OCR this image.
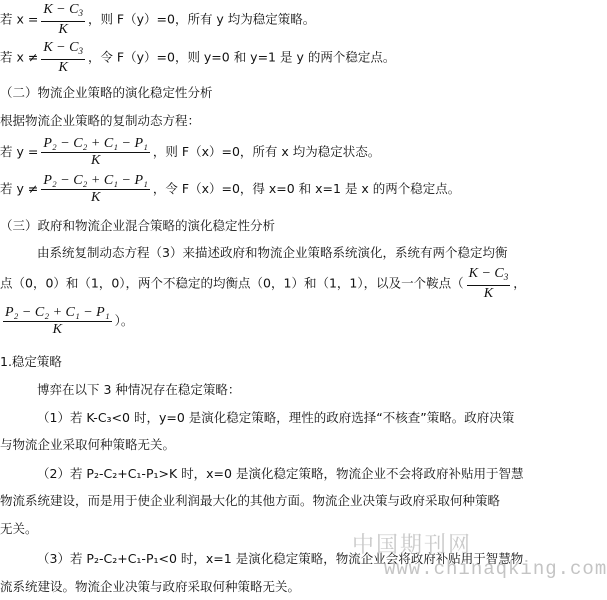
若 $x = \frac{K - C_3}{K}$ ，则 F（y）=0，所有 y 均为稳定策略。
若 $x \ne \frac{K - C_3}{K}$ ，令 F（y）=0，则 y=0 和 y=1 是 y 的两个稳定点。
（二）物流企业策略的演化稳定性分析
根据物流企业策略的复制动态方程：
若 $y = \frac{\text{P₂ − C₂ + C₁ − P₁}}{K}$ ，则 F（x）=0，所有 x 均为稳定状态。
若 $y \ne \frac{\text{P₂ − C₂ + C₁ − P₁}}{K}$ ，令 F（x）=0，得 x=0 和 x=1 是 x 的两个稳定点。
（三）政府和物流企业混合策略的演化稳定性分析
由系统复制动态方程（3）来描述政府和物流企业策略系统演化，系统有两个稳定均衡
点（0，0）和（1，0），两个不稳定的均衡点（0，1）和（1，1），以及一个鞍点（ $\frac{K - C_3}{K}$ ，
$\frac{\text{P₂ − C₂ + C₁ − P₁}}{K}$ ）。
1.稳定策略
博弈在以下 3 种情况存在稳定策略：
（1）若 K-C₃<0 时，y=0 是演化稳定策略，理性的政府选择“不核查”策略。政府决策
与物流企业采取何种策略无关。
（2）若 P₂-C₂+C₁-P₁>K 时，x=0 是演化稳定策略，物流企业不会将政府补贴用于智慧
物流系统建设，而是用于使企业利润最大化的其他方面。物流企业决策与政府采取何种策略
无关。
（3）若 P₂-C₂+C₁-P₁<0 时，x=1 是演化稳定策略，物流企业会将政府补贴用于智慧物
流系统建设。物流企业决策与政府采取何种策略无关。
中国期刊网
www.chinaqking.com
